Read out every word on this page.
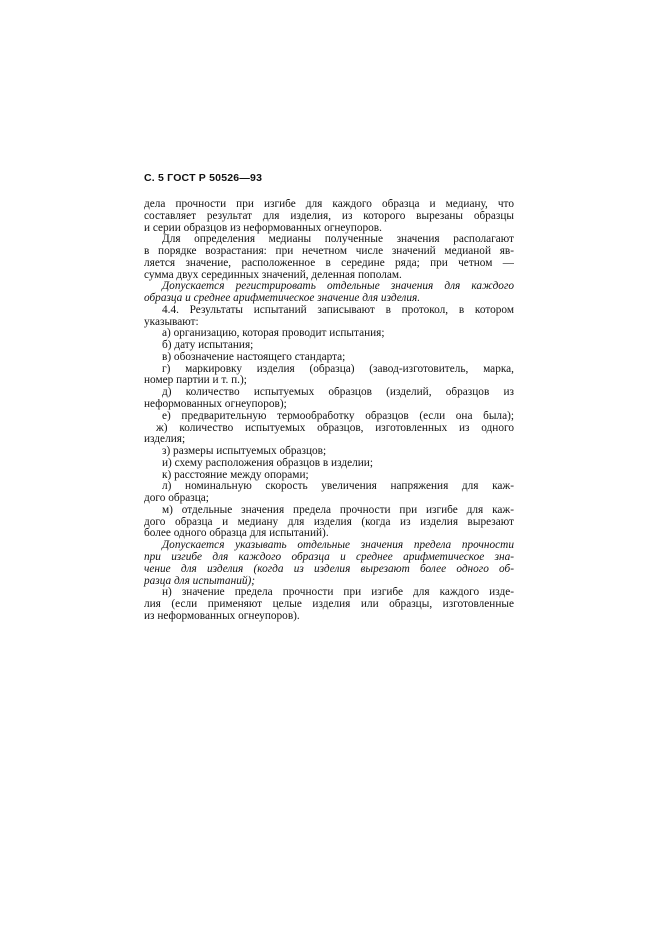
С. 5 ГОСТ Р 50526—93
дела прочности при изгибе для каждого образца и медиану, что
составляет результат для изделия, из которого вырезаны образцы
и серии образцов из неформованных огнеупоров.
Для определения медианы полученные значения располагают
в порядке возрастания: при нечетном числе значений медианой яв-
ляется значение, расположенное в середине ряда; при четном —
сумма двух серединных значений, деленная пополам.
Допускается регистрировать отдельные значения для каждого
образца и среднее арифметическое значение для изделия.
4.4. Результаты испытаний записывают в протокол, в котором
указывают:
а) организацию, которая проводит испытания;
б) дату испытания;
в) обозначение настоящего стандарта;
г) маркировку изделия (образца) (завод-изготовитель, марка,
номер партии и т. п.);
д) количество испытуемых образцов (изделий, образцов из
неформованных огнеупоров);
е) предварительную термообработку образцов (если она была);
ж) количество испытуемых образцов, изготовленных из одного
изделия;
з) размеры испытуемых образцов;
и) схему расположения образцов в изделии;
к) расстояние между опорами;
л) номинальную скорость увеличения напряжения для каж-
дого образца;
м) отдельные значения предела прочности при изгибе для каж-
дого образца и медиану для изделия (когда из изделия вырезают
более одного образца для испытаний).
Допускается указывать отдельные значения предела прочности
при изгибе для каждого образца и среднее арифметическое зна-
чение для изделия (когда из изделия вырезают более одного об-
разца для испытаний);
н) значение предела прочности при изгибе для каждого изде-
лия (если применяют целые изделия или образцы, изготовленные
из неформованных огнеупоров).
